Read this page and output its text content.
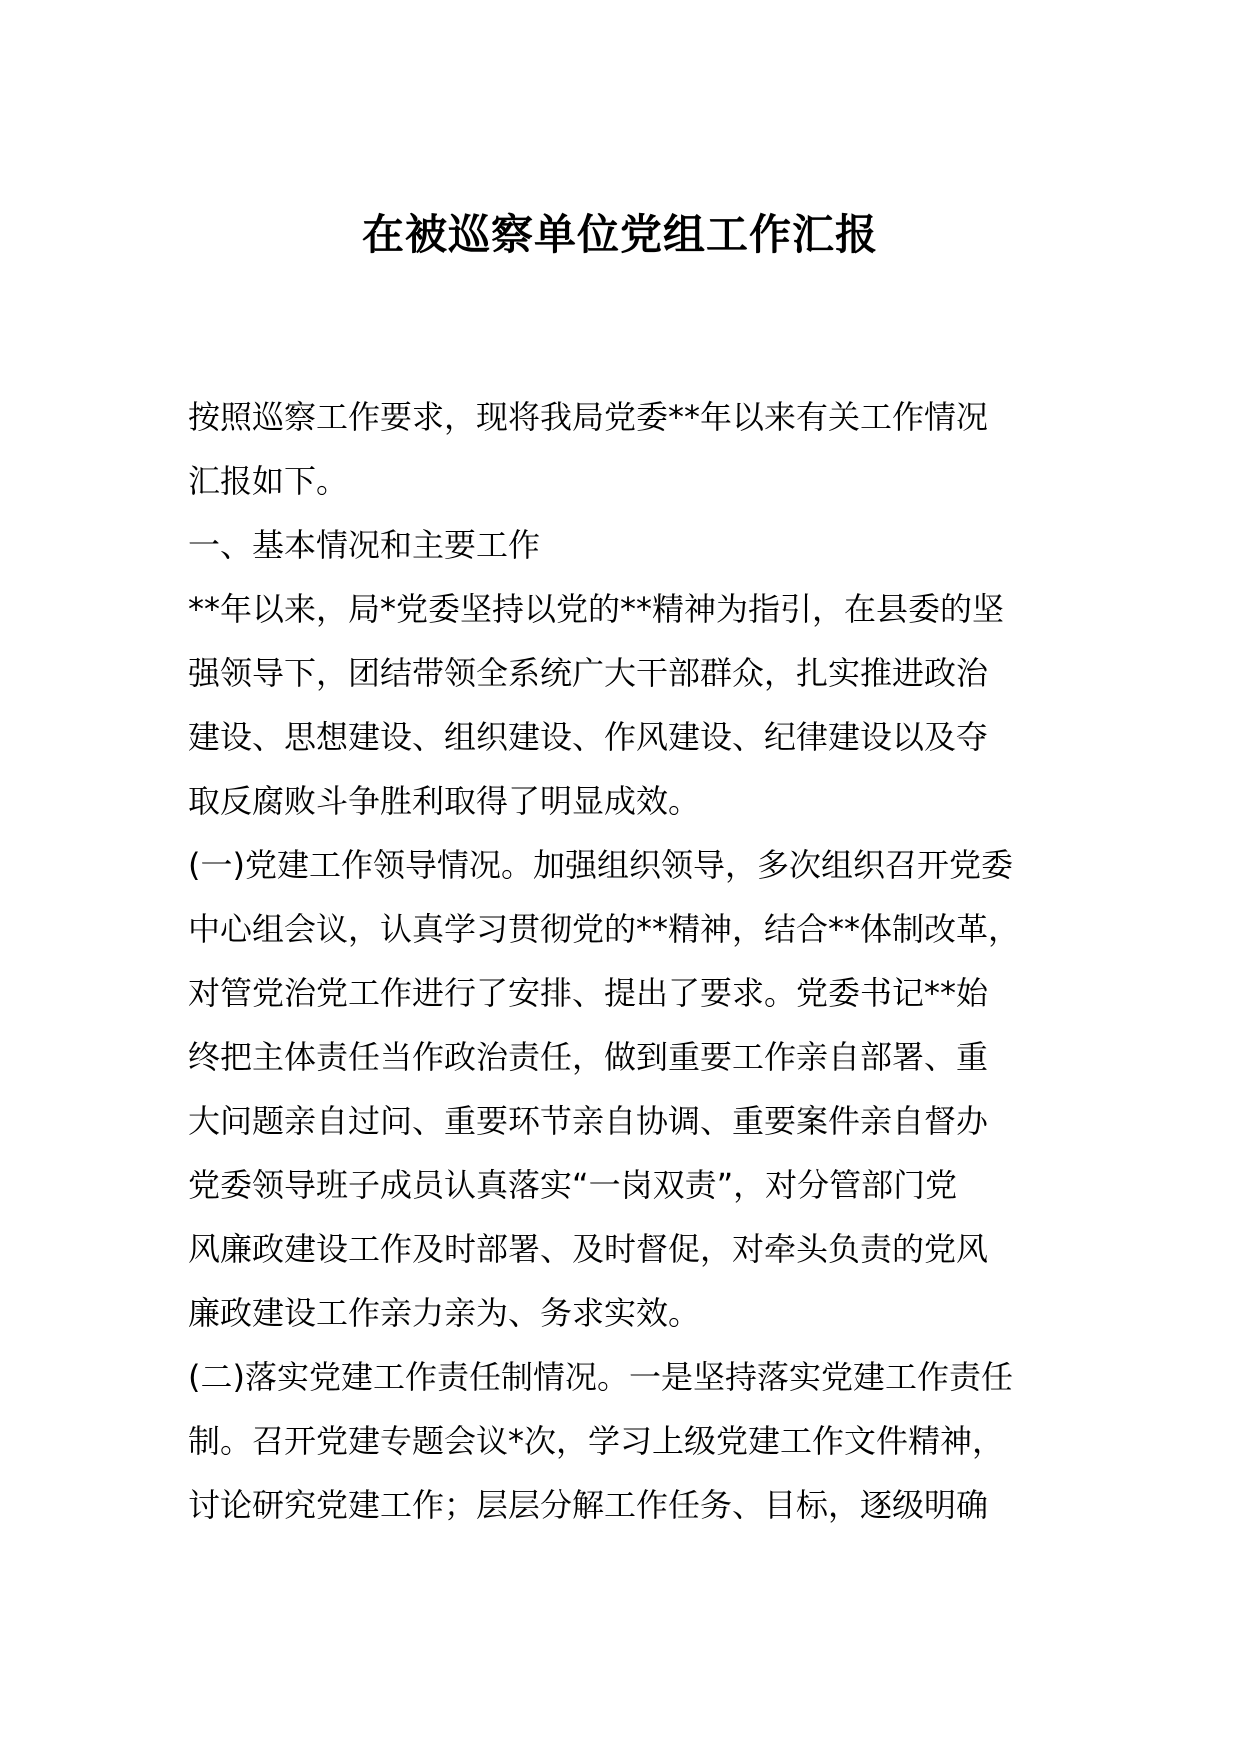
在被巡察单位党组工作汇报
按照巡察工作要求，现将我局党委**年以来有关工作情况
汇报如下。
一、基本情况和主要工作
**年以来，局*党委坚持以党的**精神为指引，在县委的坚
强领导下，团结带领全系统广大干部群众，扎实推进政治
建设、思想建设、组织建设、作风建设、纪律建设以及夺
取反腐败斗争胜利取得了明显成效。
(一)党建工作领导情况。加强组织领导，多次组织召开党委
中心组会议，认真学习贯彻党的**精神，结合**体制改革，
对管党治党工作进行了安排、提出了要求。党委书记**始
终把主体责任当作政治责任，做到重要工作亲自部署、重
大问题亲自过问、重要环节亲自协调、重要案件亲自督办
党委领导班子成员认真落实“一岗双责”，对分管部门党
风廉政建设工作及时部署、及时督促，对牵头负责的党风
廉政建设工作亲力亲为、务求实效。
(二)落实党建工作责任制情况。一是坚持落实党建工作责任
制。召开党建专题会议*次，学习上级党建工作文件精神，
讨论研究党建工作；层层分解工作任务、目标，逐级明确
